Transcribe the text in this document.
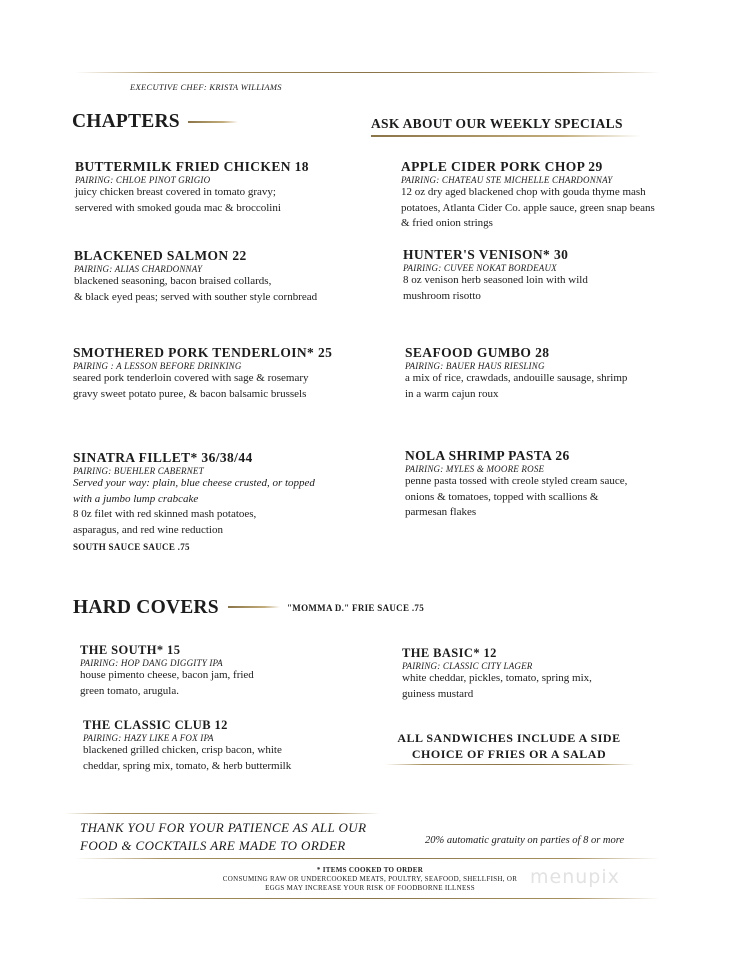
EXECUTIVE CHEF: KRISTA WILLIAMS
CHAPTERS	ASK ABOUT OUR WEEKLY SPECIALS
BUTTERMILK FRIED CHICKEN 18
PAIRING: CHLOE PINOT GRIGIO
juicy chicken breast covered in tomato gravy;
servered with smoked gouda mac & broccolini
BLACKENED SALMON 22
PAIRING: ALIAS CHARDONNAY
blackened seasoning, bacon braised collards,
& black eyed peas; served with souther style cornbread
SMOTHERED PORK TENDERLOIN* 25
PAIRING : A LESSON BEFORE DRINKING
seared pork tenderloin covered with sage & rosemary
gravy sweet potato puree, & bacon balsamic brussels
SINATRA FILLET* 36/38/44
PAIRING: BUEHLER CABERNET
Served your way: plain, blue cheese crusted, or topped
with a jumbo lump crabcake
8 0z filet with red skinned mash potatoes,
asparagus, and red wine reduction
SOUTH SAUCE SAUCE .75
APPLE CIDER PORK CHOP 29
PAIRING: CHATEAU STE MICHELLE CHARDONNAY
12 oz dry aged blackened chop with gouda thyme mash
potatoes, Atlanta Cider Co. apple sauce, green snap beans
& fried onion strings
HUNTER'S VENISON* 30
PAIRING: CUVEE NOKAT BORDEAUX
8 oz venison herb seasoned loin with wild
mushroom risotto
SEAFOOD GUMBO 28
PAIRING: BAUER HAUS RIESLING
a mix of rice, crawdads, andouille sausage, shrimp
in a warm cajun roux
NOLA SHRIMP PASTA 26
PAIRING: MYLES & MOORE ROSE
penne pasta tossed with creole styled cream sauce,
onions & tomatoes, topped with scallions &
parmesan flakes
HARD COVERS	"MOMMA D." FRIE SAUCE .75
THE SOUTH* 15
PAIRING: HOP DANG DIGGITY IPA
house pimento cheese, bacon jam, fried
green tomato, arugula.
THE CLASSIC CLUB 12
PAIRING: HAZY LIKE A FOX IPA
blackened grilled chicken, crisp bacon, white
cheddar, spring mix, tomato, & herb buttermilk
THE BASIC* 12
PAIRING: CLASSIC CITY LAGER
white cheddar, pickles, tomato, spring mix,
guiness mustard
ALL SANDWICHES INCLUDE A SIDE
CHOICE OF FRIES OR A SALAD
THANK YOU FOR YOUR PATIENCE AS ALL OUR
FOOD & COCKTAILS ARE MADE TO ORDER	20% automatic gratuity on parties of 8 or more
* ITEMS COOKED TO ORDER
CONSUMING RAW OR UNDERCOOKED MEATS, POULTRY, SEAFOOD, SHELLFISH, OR
EGGS MAY INCREASE YOUR RISK OF FOODBORNE ILLNESS	menupix
